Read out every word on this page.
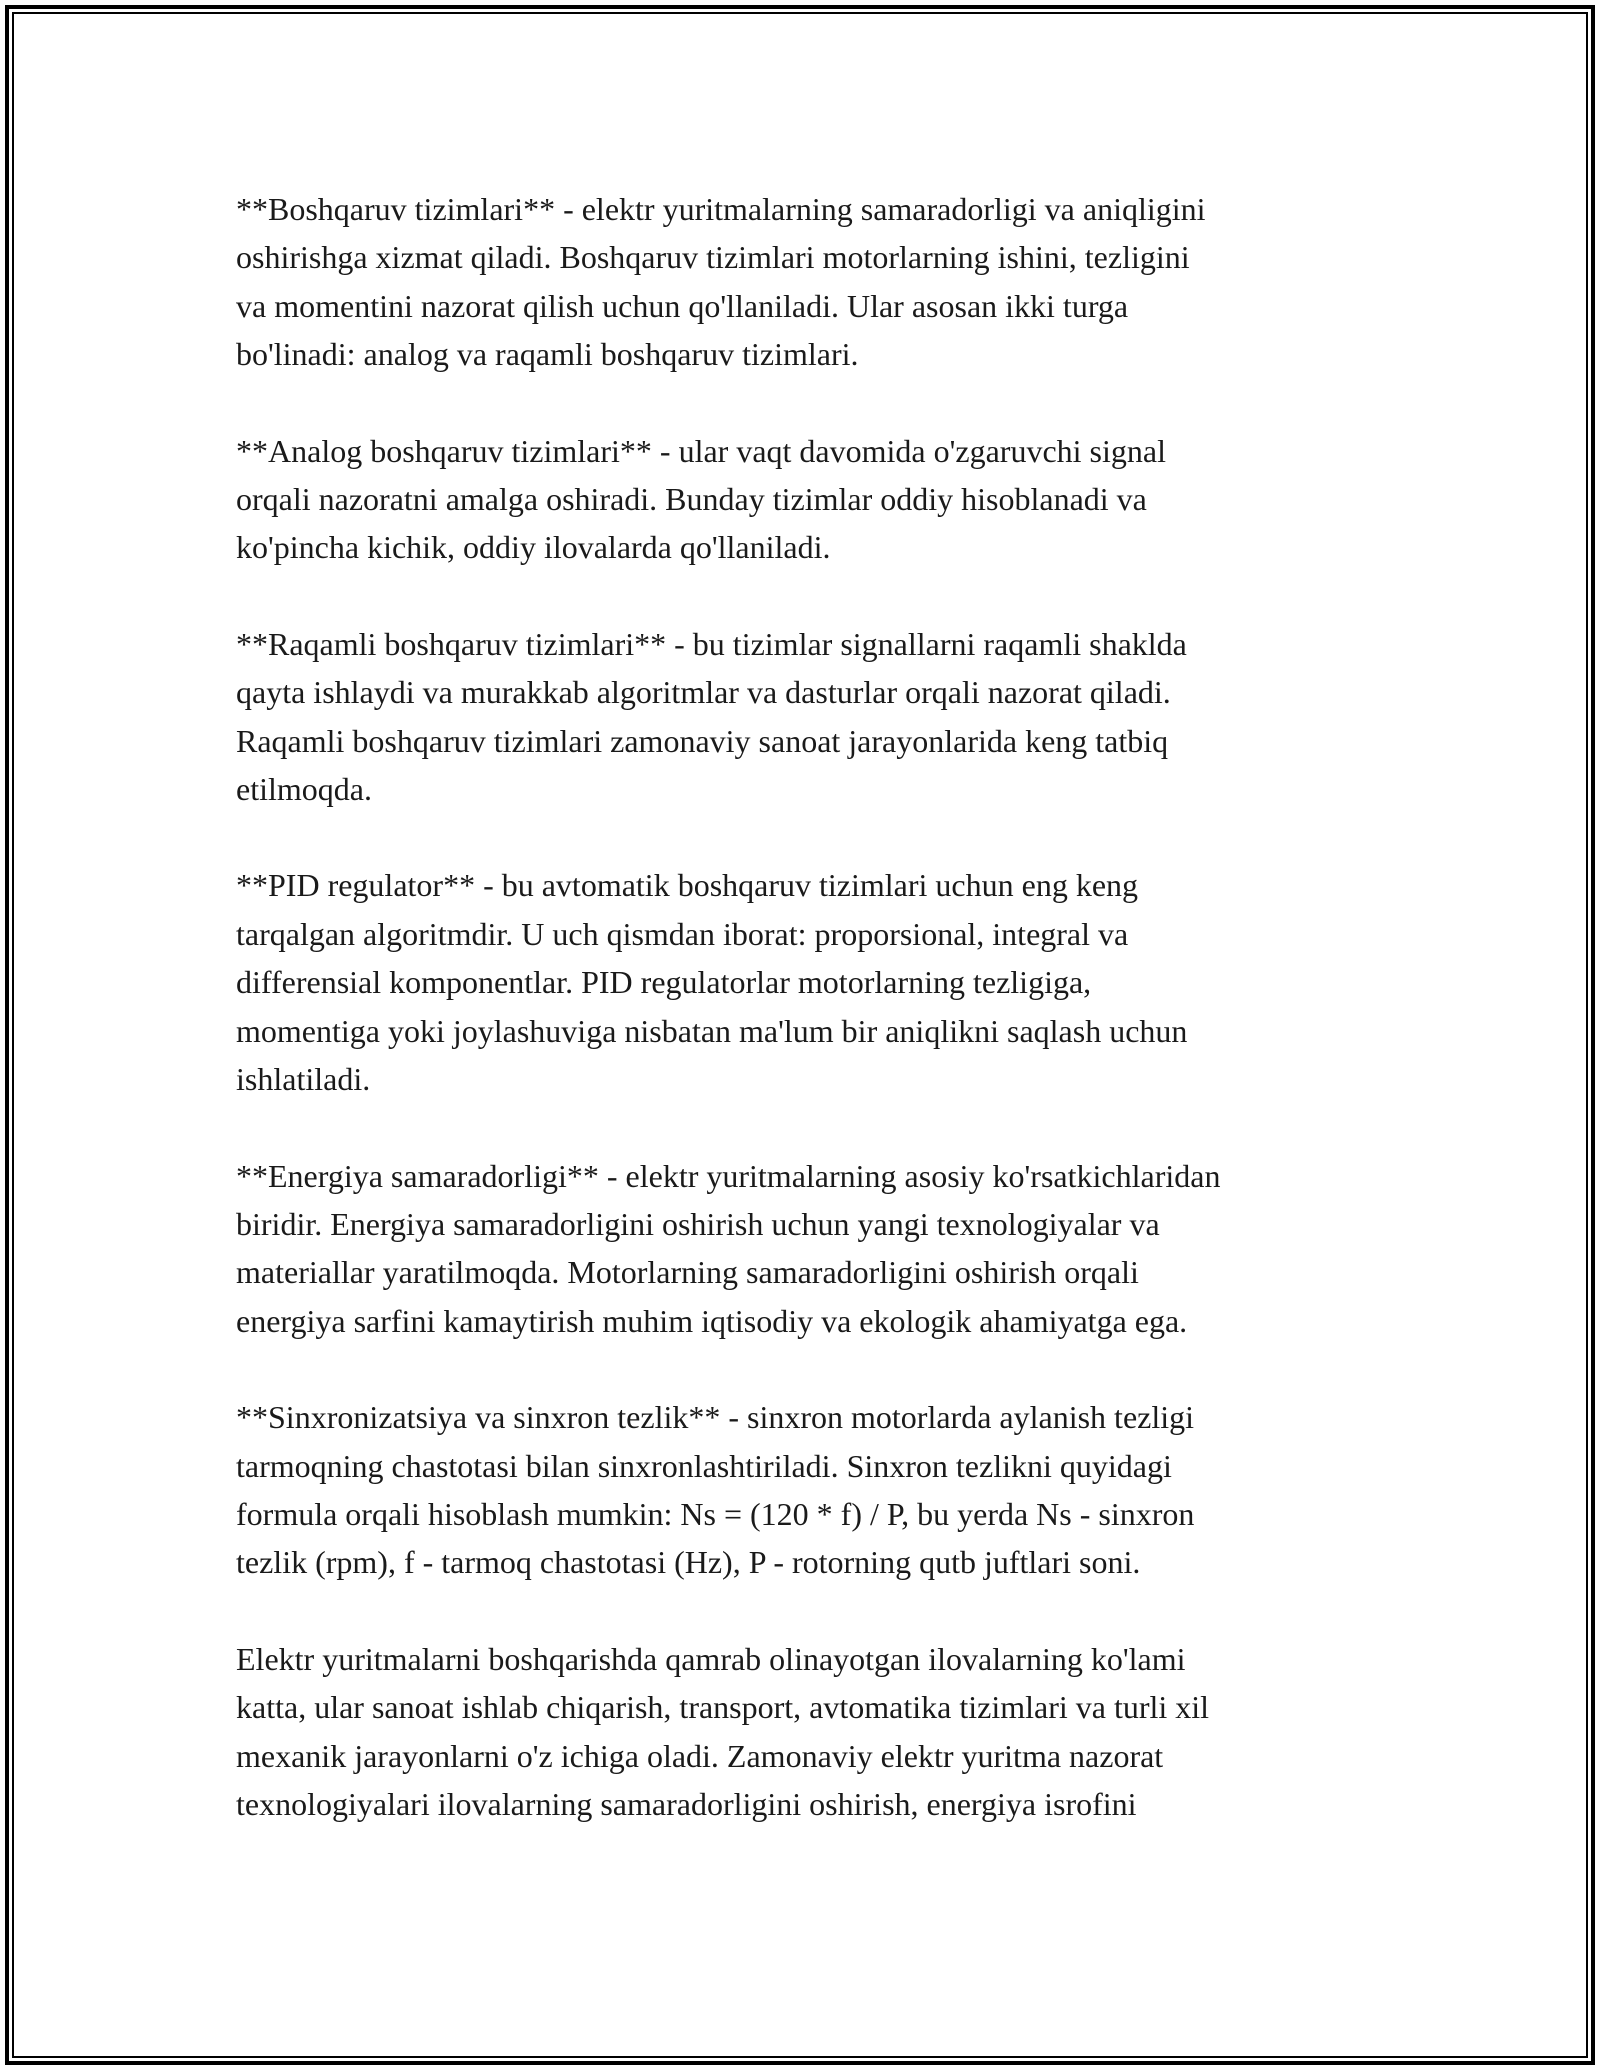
**Boshqaruv tizimlari** - elektr yuritmalarning samaradorligi va aniqligini
oshirishga xizmat qiladi. Boshqaruv tizimlari motorlarning ishini, tezligini
va momentini nazorat qilish uchun qo'llaniladi. Ular asosan ikki turga
bo'linadi: analog va raqamli boshqaruv tizimlari.

**Analog boshqaruv tizimlari** - ular vaqt davomida o'zgaruvchi signal
orqali nazoratni amalga oshiradi. Bunday tizimlar oddiy hisoblanadi va
ko'pincha kichik, oddiy ilovalarda qo'llaniladi.

**Raqamli boshqaruv tizimlari** - bu tizimlar signallarni raqamli shaklda
qayta ishlaydi va murakkab algoritmlar va dasturlar orqali nazorat qiladi.
Raqamli boshqaruv tizimlari zamonaviy sanoat jarayonlarida keng tatbiq
etilmoqda.

**PID regulator** - bu avtomatik boshqaruv tizimlari uchun eng keng
tarqalgan algoritmdir. U uch qismdan iborat: proporsional, integral va
differensial komponentlar. PID regulatorlar motorlarning tezligiga,
momentiga yoki joylashuviga nisbatan ma'lum bir aniqlikni saqlash uchun
ishlatiladi.

**Energiya samaradorligi** - elektr yuritmalarning asosiy ko'rsatkichlaridan
biridir. Energiya samaradorligini oshirish uchun yangi texnologiyalar va
materiallar yaratilmoqda. Motorlarning samaradorligini oshirish orqali
energiya sarfini kamaytirish muhim iqtisodiy va ekologik ahamiyatga ega.

**Sinxronizatsiya va sinxron tezlik** - sinxron motorlarda aylanish tezligi
tarmoqning chastotasi bilan sinxronlashtiriladi. Sinxron tezlikni quyidagi
formula orqali hisoblash mumkin: Ns = (120 * f) / P, bu yerda Ns - sinxron
tezlik (rpm), f - tarmoq chastotasi (Hz), P - rotorning qutb juftlari soni.

Elektr yuritmalarni boshqarishda qamrab olinayotgan ilovalarning ko'lami
katta, ular sanoat ishlab chiqarish, transport, avtomatika tizimlari va turli xil
mexanik jarayonlarni o'z ichiga oladi. Zamonaviy elektr yuritma nazorat
texnologiyalari ilovalarning samaradorligini oshirish, energiya isrofini
